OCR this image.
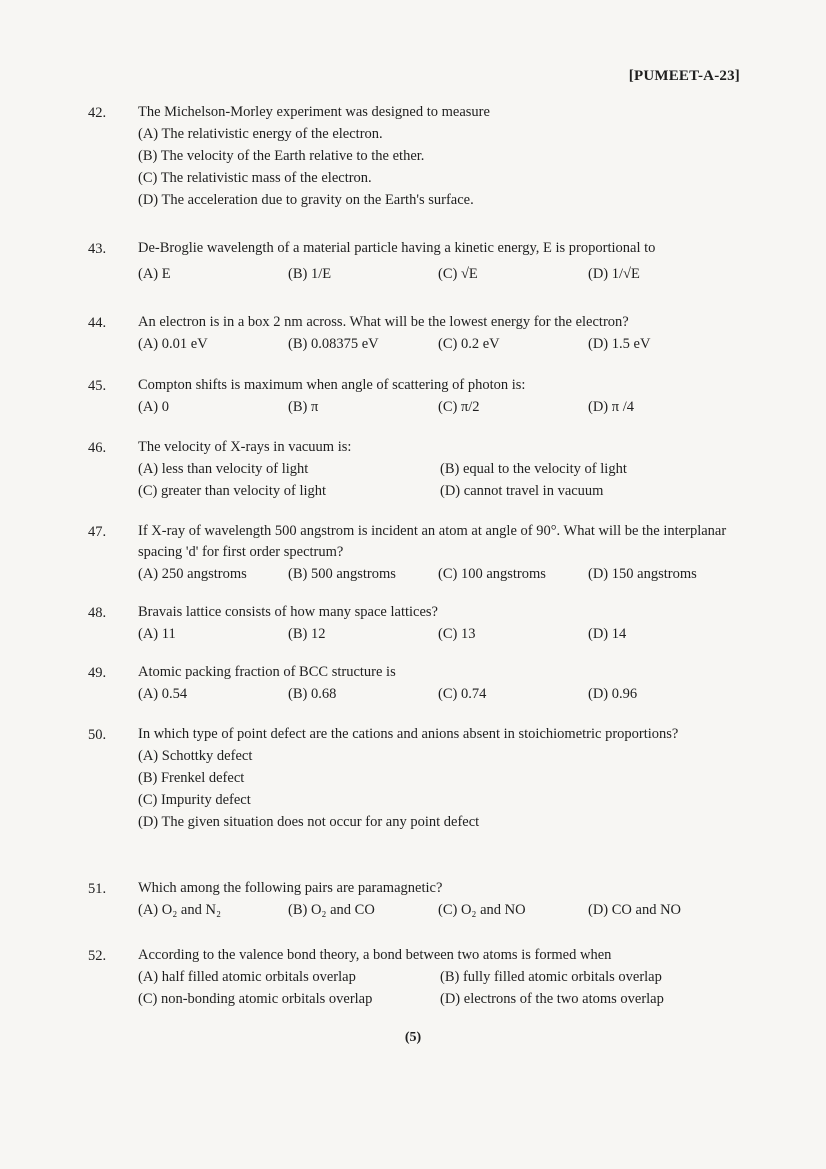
[PUMEET-A-23]
42.	The Michelson-Morley experiment was designed to measure
(A) The relativistic energy of the electron.
(B) The velocity of the Earth relative to the ether.
(C) The relativistic mass of the electron.
(D) The acceleration due to gravity on the Earth's surface.
43.	De-Broglie wavelength of a material particle having a kinetic energy, E is proportional to
(A) E	(B) 1/E	(C) √E	(D) 1/√E
44.	An electron is in a box 2 nm across. What will be the lowest energy for the electron?
(A) 0.01 eV	(B) 0.08375 eV	(C) 0.2 eV	(D) 1.5 eV
45.	Compton shifts is maximum when angle of scattering of photon is:
(A) 0	(B) π	(C) π/2	(D) π /4
46.	The velocity of X-rays in vacuum is:
(A) less than velocity of light	(B) equal to the velocity of light
(C) greater than velocity of light	(D) cannot travel in vacuum
47.	If X-ray of wavelength 500 angstrom is incident an atom at angle of 90°. What will be the interplanar spacing 'd' for first order spectrum?
(A) 250 angstroms	(B) 500 angstroms	(C) 100 angstroms	(D) 150 angstroms
48.	Bravais lattice consists of how many space lattices?
(A) 11	(B) 12	(C) 13	(D) 14
49.	Atomic packing fraction of BCC structure is
(A) 0.54	(B) 0.68	(C) 0.74	(D) 0.96
50.	In which type of point defect are the cations and anions absent in stoichiometric proportions?
(A) Schottky defect
(B) Frenkel defect
(C) Impurity defect
(D) The given situation does not occur for any point defect
51.	Which among the following pairs are paramagnetic?
(A) O₂ and N₂	(B) O₂ and CO	(C) O₂ and NO	(D) CO and NO
52.	According to the valence bond theory, a bond between two atoms is formed when
(A) half filled atomic orbitals overlap	(B) fully filled atomic orbitals overlap
(C) non-bonding atomic orbitals overlap	(D) electrons of the two atoms overlap
(5)
